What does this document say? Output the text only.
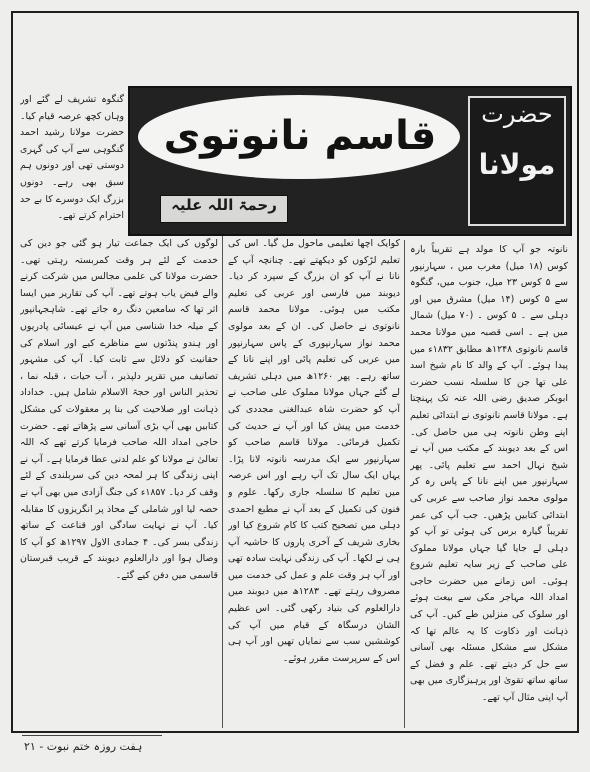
گنگوہ تشریف لے گئے اور وہاں کچھ عرصہ قیام کیا۔ حضرت مولانا رشید احمد گنگوہی سے آپ کی گہری دوستی تھی اور دونوں ہم سبق بھی رہے۔ دونوں بزرگ ایک دوسرے کا بے حد احترام کرتے تھے۔
قاسم نانوتوی	حضرت
مولانا
رحمۃ اللہ علیہ
نانوتہ جو آپ کا مولد ہے تقریباً بارہ کوس (۱۸ میل) مغرب میں ، سہارنپور سے ۵ کوس ۲۳ میل، جنوب میں، گنگوہ سے ۵ کوس (۱۴ میل) مشرق میں اور دہلی سے ۔ ۵ کوس ۔ (۷۰ میل) شمال میں ہے ۔ اسی قصبہ میں مولانا محمد قاسم نانوتوی ۱۲۴۸ھ مطابق ۱۸۳۲ء میں پیدا ہوئے۔ آپ کے والد کا نام شیخ اسد علی تھا جن کا سلسلہ نسب حضرت ابوبکر صدیق رضی اللہ عنہ تک پہنچتا ہے۔ مولانا قاسم نانوتوی نے ابتدائی تعلیم اپنے وطن نانوتہ ہی میں حاصل کی۔ اس کے بعد دیوبند کے مکتب میں آپ نے شیخ نہال احمد سے تعلیم پائی۔ پھر سہارنپور میں اپنے نانا کے پاس رہ کر مولوی محمد نواز صاحب سے عربی کی ابتدائی کتابیں پڑھیں۔ جب آپ کی عمر تقریباً گیارہ برس کی ہوئی تو آپ کو دہلی لے جایا گیا جہاں مولانا مملوک علی صاحب کے زیر سایہ تعلیم شروع ہوئی۔ اس زمانے میں حضرت حاجی امداد اللہ مہاجر مکی سے بیعت ہوئے اور سلوک کی منزلیں طے کیں۔ آپ کی ذہانت اور ذکاوت کا یہ عالم تھا کہ مشکل سے مشکل مسئلہ بھی آسانی سے حل کر دیتے تھے۔ علم و فضل کے ساتھ ساتھ تقویٰ اور پرہیزگاری میں بھی آپ اپنی مثال آپ تھے۔
کوایک اچھا تعلیمی ماحول مل گیا۔ اس کی تعلیم لڑکوں کو دیکھتے تھے۔ چنانچہ آپ کے نانا نے آپ کو ان بزرگ کے سپرد کر دیا۔ دیوبند میں فارسی اور عربی کی تعلیم مکتب میں ہوئی۔ مولانا محمد قاسم نانوتوی نے حاصل کی۔ ان کے بعد مولوی محمد نواز سہارنپوری کے پاس سہارنپور میں عربی کی تعلیم پائی اور اپنے نانا کے ساتھ رہے۔ پھر ۱۲۶۰ھ میں دہلی تشریف لے گئے جہاں مولانا مملوک علی صاحب نے آپ کو حضرت شاہ عبدالغنی مجددی کی خدمت میں پیش کیا اور آپ نے حدیث کی تکمیل فرمائی۔ مولانا قاسم صاحب کو سہارنپور سے ایک مدرسہ نانوتہ لانا پڑا۔ یہاں ایک سال تک آپ رہے اور اس عرصہ میں تعلیم کا سلسلہ جاری رکھا۔ علوم و فنون کی تکمیل کے بعد آپ نے مطبع احمدی دہلی میں تصحیح کتب کا کام شروع کیا اور بخاری شریف کے آخری پاروں کا حاشیہ آپ ہی نے لکھا۔ آپ کی زندگی نہایت سادہ تھی اور آپ ہر وقت علم و عمل کی خدمت میں مصروف رہتے تھے۔ ۱۲۸۳ھ میں دیوبند میں دارالعلوم کی بنیاد رکھی گئی۔ اس عظیم الشان درسگاہ کے قیام میں آپ کی کوششیں سب سے نمایاں تھیں اور آپ ہی اس کے سرپرست مقرر ہوئے۔
لوگوں کی ایک جماعت تیار ہو گئی جو دین کی خدمت کے لئے ہر وقت کمربستہ رہتی تھی۔ حضرت مولانا کی علمی مجالس میں شرکت کرنے والے فیض یاب ہوتے تھے۔ آپ کی تقاریر میں ایسا اثر تھا کہ سامعین دنگ رہ جاتے تھے۔ شاہجہانپور کے میلہ خدا شناسی میں آپ نے عیسائی پادریوں اور ہندو پنڈتوں سے مناظرے کیے اور اسلام کی حقانیت کو دلائل سے ثابت کیا۔ آپ کی مشہور تصانیف میں تقریر دلپذیر ، آب حیات ، قبلہ نما ، تحذیر الناس اور حجۃ الاسلام شامل ہیں۔ خداداد ذہانت اور صلاحیت کی بنا پر معقولات کی مشکل کتابیں بھی آپ بڑی آسانی سے پڑھاتے تھے۔ حضرت حاجی امداد اللہ صاحب فرمایا کرتے تھے کہ اللہ تعالیٰ نے مولانا کو علم لدنی عطا فرمایا ہے۔ آپ نے اپنی زندگی کا ہر لمحہ دین کی سربلندی کے لئے وقف کر دیا۔ ۱۸۵۷ء کی جنگ آزادی میں بھی آپ نے حصہ لیا اور شاملی کے محاذ پر انگریزوں کا مقابلہ کیا۔ آپ نے نہایت سادگی اور قناعت کے ساتھ زندگی بسر کی۔ ۴ جمادی الاول ۱۲۹۷ھ کو آپ کا وصال ہوا اور دارالعلوم دیوبند کے قریب قبرستان قاسمی میں دفن کیے گئے۔
ہفت روزہ ختم نبوت - ۲۱
